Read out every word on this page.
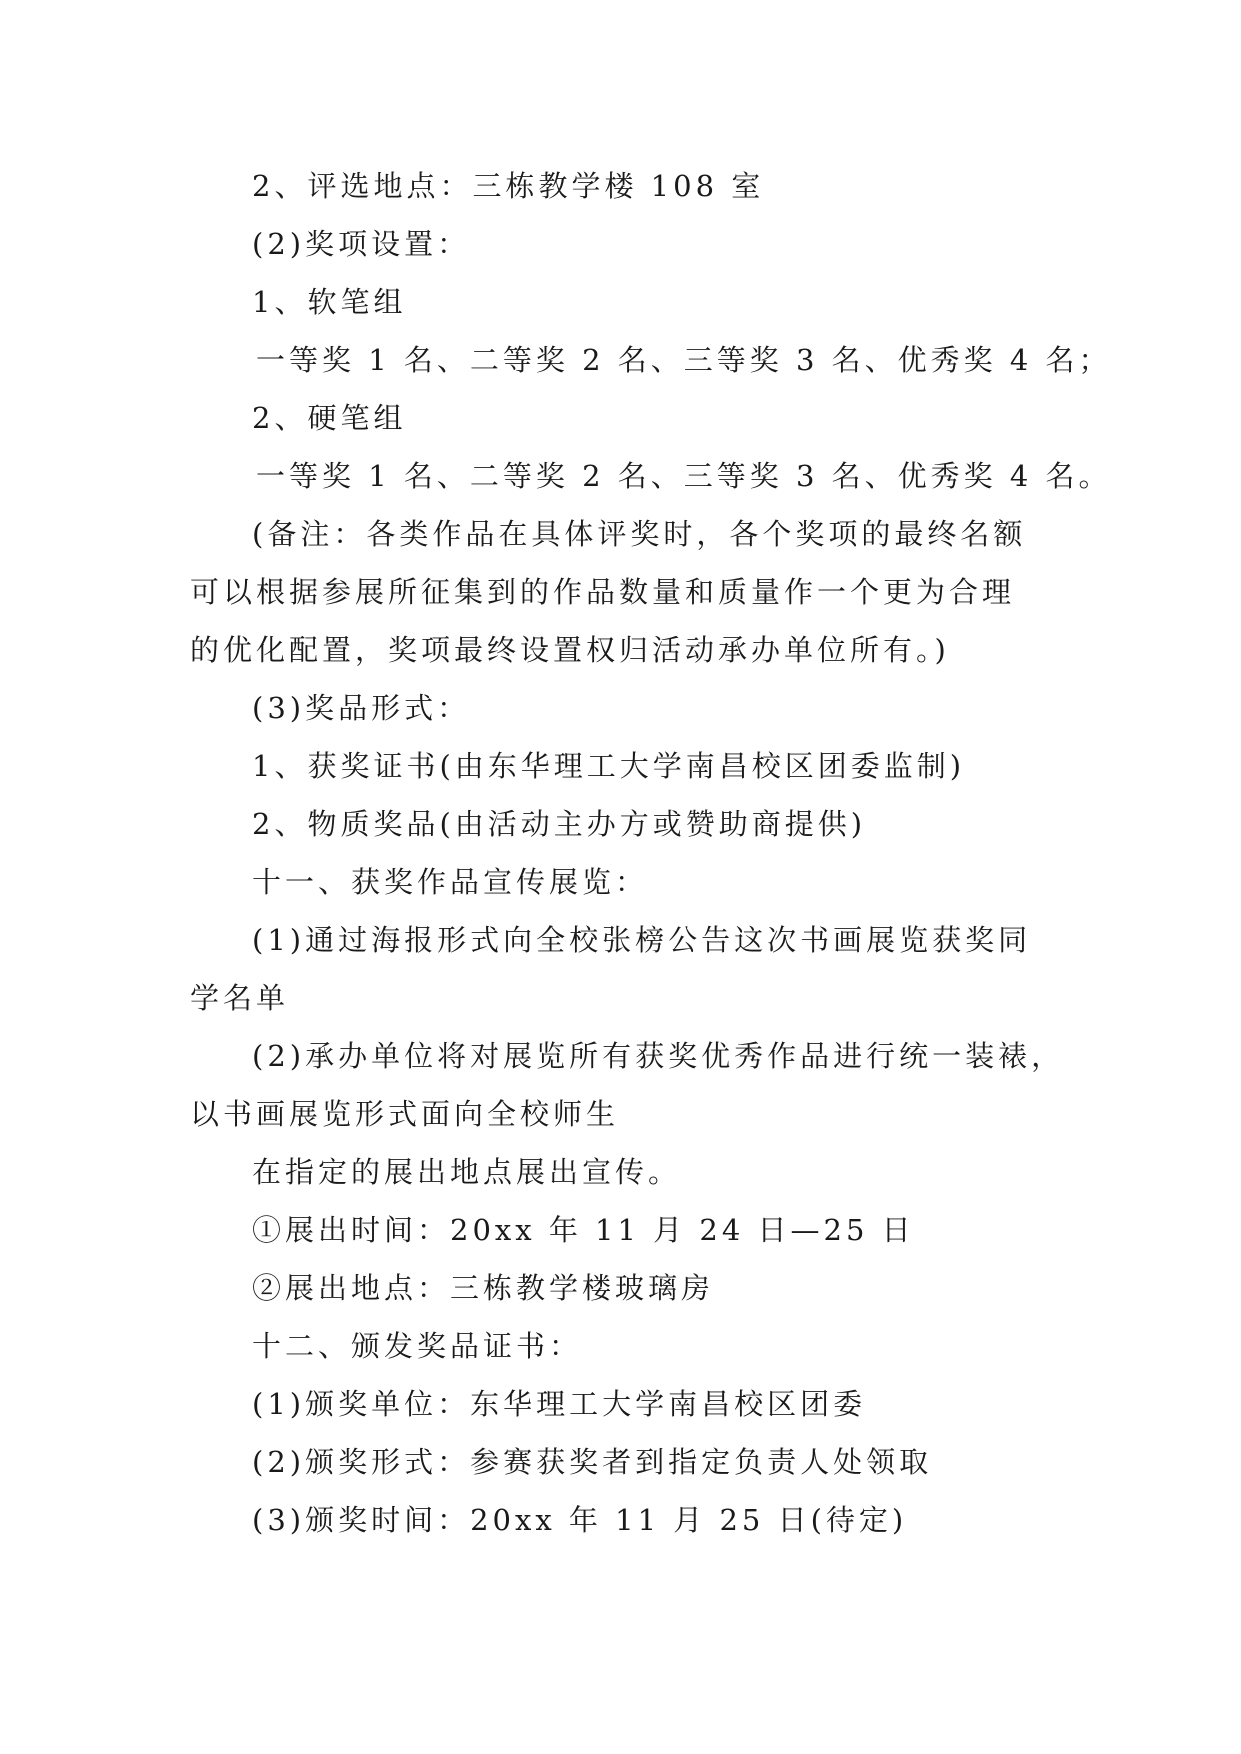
2、评选地点：三栋教学楼 108 室
(2)奖项设置：
1、软笔组
一等奖 1 名、二等奖 2 名、三等奖 3 名、优秀奖 4 名；
2、硬笔组
一等奖 1 名、二等奖 2 名、三等奖 3 名、优秀奖 4 名。
(备注：各类作品在具体评奖时，各个奖项的最终名额
可以根据参展所征集到的作品数量和质量作一个更为合理
的优化配置，奖项最终设置权归活动承办单位所有。)
(3)奖品形式：
1、获奖证书(由东华理工大学南昌校区团委监制)
2、物质奖品(由活动主办方或赞助商提供)
十一、获奖作品宣传展览：
(1)通过海报形式向全校张榜公告这次书画展览获奖同
学名单
(2)承办单位将对展览所有获奖优秀作品进行统一装裱，
以书画展览形式面向全校师生
在指定的展出地点展出宣传。
①展出时间：20xx 年 11 月 24 日—25 日
②展出地点：三栋教学楼玻璃房
十二、颁发奖品证书：
(1)颁奖单位：东华理工大学南昌校区团委
(2)颁奖形式：参赛获奖者到指定负责人处领取
(3)颁奖时间：20xx 年 11 月 25 日(待定)
